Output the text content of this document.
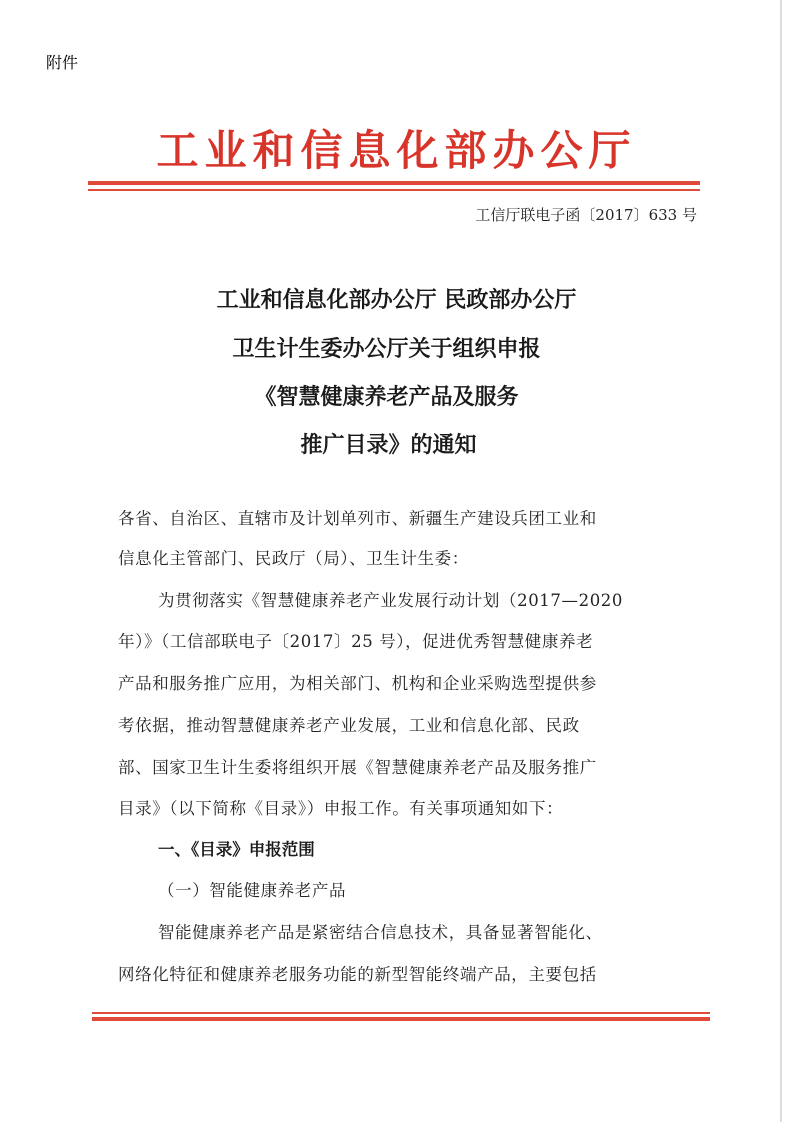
附件
工业和信息化部办公厅
工信厅联电子函〔2017〕633 号
工业和信息化部办公厅 民政部办公厅
卫生计生委办公厅关于组织申报
《智慧健康养老产品及服务
推广目录》的通知
各省、自治区、直辖市及计划单列市、新疆生产建设兵团工业和
信息化主管部门、民政厅（局）、卫生计生委：
为贯彻落实《智慧健康养老产业发展行动计划（2017—2020
年）》（工信部联电子〔2017〕25 号），促进优秀智慧健康养老
产品和服务推广应用，为相关部门、机构和企业采购选型提供参
考依据，推动智慧健康养老产业发展，工业和信息化部、民政
部、国家卫生计生委将组织开展《智慧健康养老产品及服务推广
目录》（以下简称《目录》）申报工作。有关事项通知如下：
一、《目录》申报范围
（一）智能健康养老产品
智能健康养老产品是紧密结合信息技术，具备显著智能化、
网络化特征和健康养老服务功能的新型智能终端产品，主要包括
